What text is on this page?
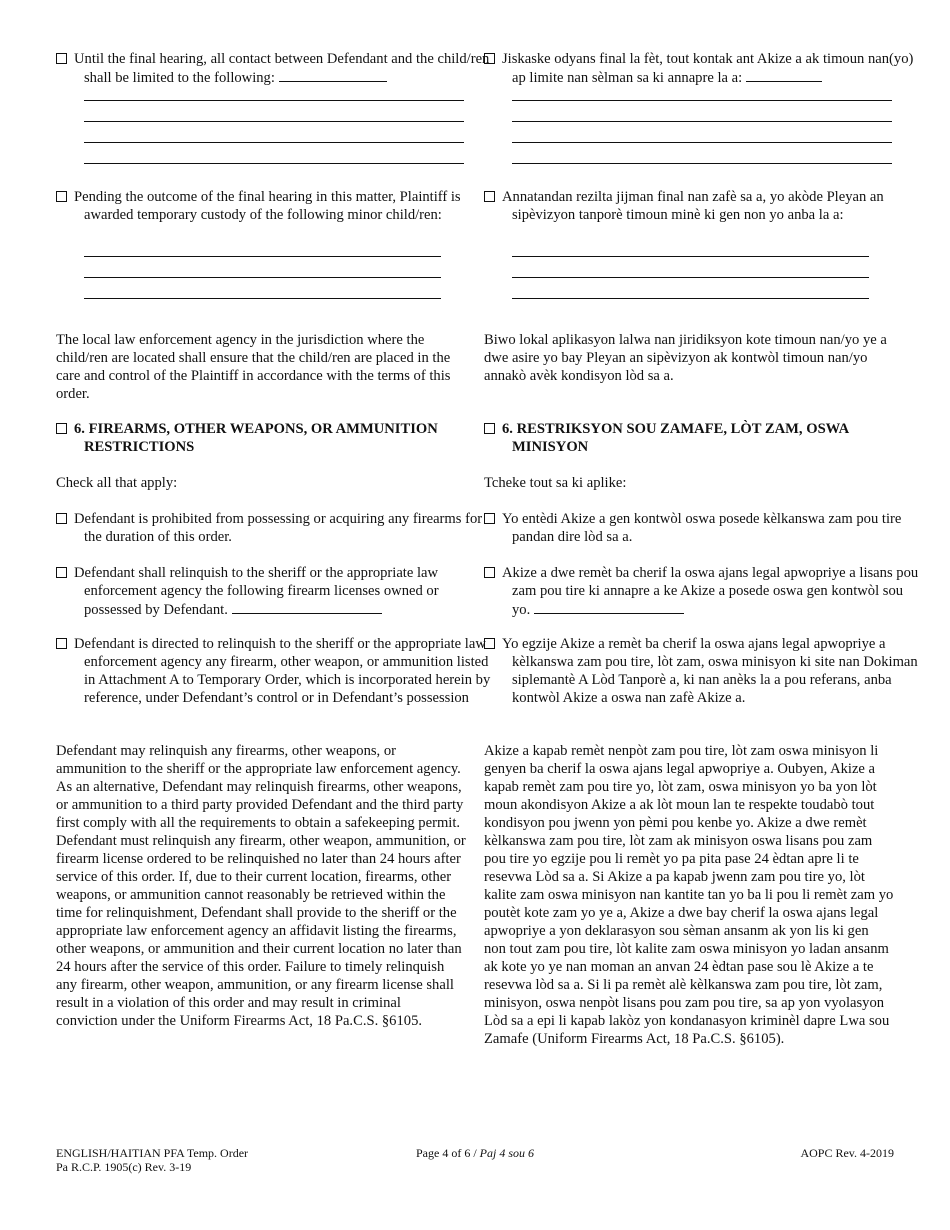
Until the final hearing, all contact between Defendant and the child/ren shall be limited to the following:
Pending the outcome of the final hearing in this matter, Plaintiff is awarded temporary custody of the following minor child/ren:
The local law enforcement agency in the jurisdiction where the child/ren are located shall ensure that the child/ren are placed in the care and control of the Plaintiff in accordance with the terms of this order.
6. FIREARMS, OTHER WEAPONS, OR AMMUNITION RESTRICTIONS
Check all that apply:
Defendant is prohibited from possessing or acquiring any firearms for the duration of this order.
Defendant shall relinquish to the sheriff or the appropriate law enforcement agency the following firearm licenses owned or possessed by Defendant.
Defendant is directed to relinquish to the sheriff or the appropriate law enforcement agency any firearm, other weapon, or ammunition listed in Attachment A to Temporary Order, which is incorporated herein by reference, under Defendant’s control or in Defendant’s possession
Defendant may relinquish any firearms, other weapons, or ammunition to the sheriff or the appropriate law enforcement agency. As an alternative, Defendant may relinquish firearms, other weapons, or ammunition to a third party provided Defendant and the third party first comply with all the requirements to obtain a safekeeping permit. Defendant must relinquish any firearm, other weapon, ammunition, or firearm license ordered to be relinquished no later than 24 hours after service of this order. If, due to their current location, firearms, other weapons, or ammunition cannot reasonably be retrieved within the time for relinquishment, Defendant shall provide to the sheriff or the appropriate law enforcement agency an affidavit listing the firearms, other weapons, or ammunition and their current location no later than 24 hours after the service of this order. Failure to timely relinquish any firearm, other weapon, ammunition, or any firearm license shall result in a violation of this order and may result in criminal conviction under the Uniform Firearms Act, 18 Pa.C.S. §6105.
Jiskaske odyans final la fèt, tout kontak ant Akize a ak timoun nan(yo) ap limite nan sèlman sa ki annapre la a:
Annatandan rezilta jijman final nan zafè sa a, yo akòde Pleyan an sipèvizyon tanporè timoun minè ki gen non yo anba la a:
Biwo lokal aplikasyon lalwa nan jiridiksyon kote timoun nan/yo ye a dwe asire yo bay Pleyan an sipèvizyon ak kontwòl timoun nan/yo annakò avèk kondisyon lòd sa a.
6. RESTRIKSYON SOU ZAMAFE, LÒT ZAM, OSWA MINISYON
Tcheke tout sa ki aplike:
Yo entèdi Akize a gen kontwòl oswa posede kèlkanswa zam pou tire pandan dire lòd sa a.
Akize a dwe remèt ba cherif la oswa ajans legal apwopriye a lisans pou zam pou tire ki annapre a ke Akize a posede oswa gen kontwòl sou yo.
Yo egzije Akize a remèt ba cherif la oswa ajans legal apwopriye a kèlkanswa zam pou tire, lòt zam, oswa minisyon ki site nan Dokiman siplemantè A Lòd Tanporè a, ki nan anèks la a pou referans, anba kontwòl Akize a oswa nan zafè Akize a.
Akize a kapab remèt nenpòt zam pou tire, lòt zam oswa minisyon li genyen ba cherif la oswa ajans legal apwopriye a. Oubyen, Akize a kapab remèt zam pou tire yo, lòt zam, oswa minisyon yo ba yon lòt moun akondisyon Akize a ak lòt moun lan te respekte toudabò tout kondisyon pou jwenn yon pèmi pou kenbe yo. Akize a dwe remèt kèlkanswa zam pou tire, lòt zam ak minisyon oswa lisans pou zam pou tire yo egzije pou li remèt yo pa pita pase 24 èdtan apre li te resevwa Lòd sa a. Si Akize a pa kapab jwenn zam pou tire yo, lòt kalite zam oswa minisyon nan kantite tan yo ba li pou li remèt zam yo poutèt kote zam yo ye a, Akize a dwe bay cherif la oswa ajans legal apwopriye a yon deklarasyon sou sèman ansanm ak yon lis ki gen non tout zam pou tire, lòt kalite zam oswa minisyon yo ladan ansanm ak kote yo ye nan moman an anvan 24 èdtan pase sou lè Akize a te resevwa lòd sa a. Si li pa remèt alè kèlkanswa zam pou tire, lòt zam, minisyon, oswa nenpòt lisans pou zam pou tire, sa ap yon vyolasyon Lòd sa a epi li kapab lakòz yon kondanasyon kriminèl dapre Lwa sou Zamafe (Uniform Firearms Act, 18 Pa.C.S. §6105).
ENGLISH/HAITIAN PFA Temp. Order
Pa R.C.P. 1905(c) Rev. 3-19
Page 4 of 6 / Paj 4 sou 6	AOPC Rev. 4-2019
